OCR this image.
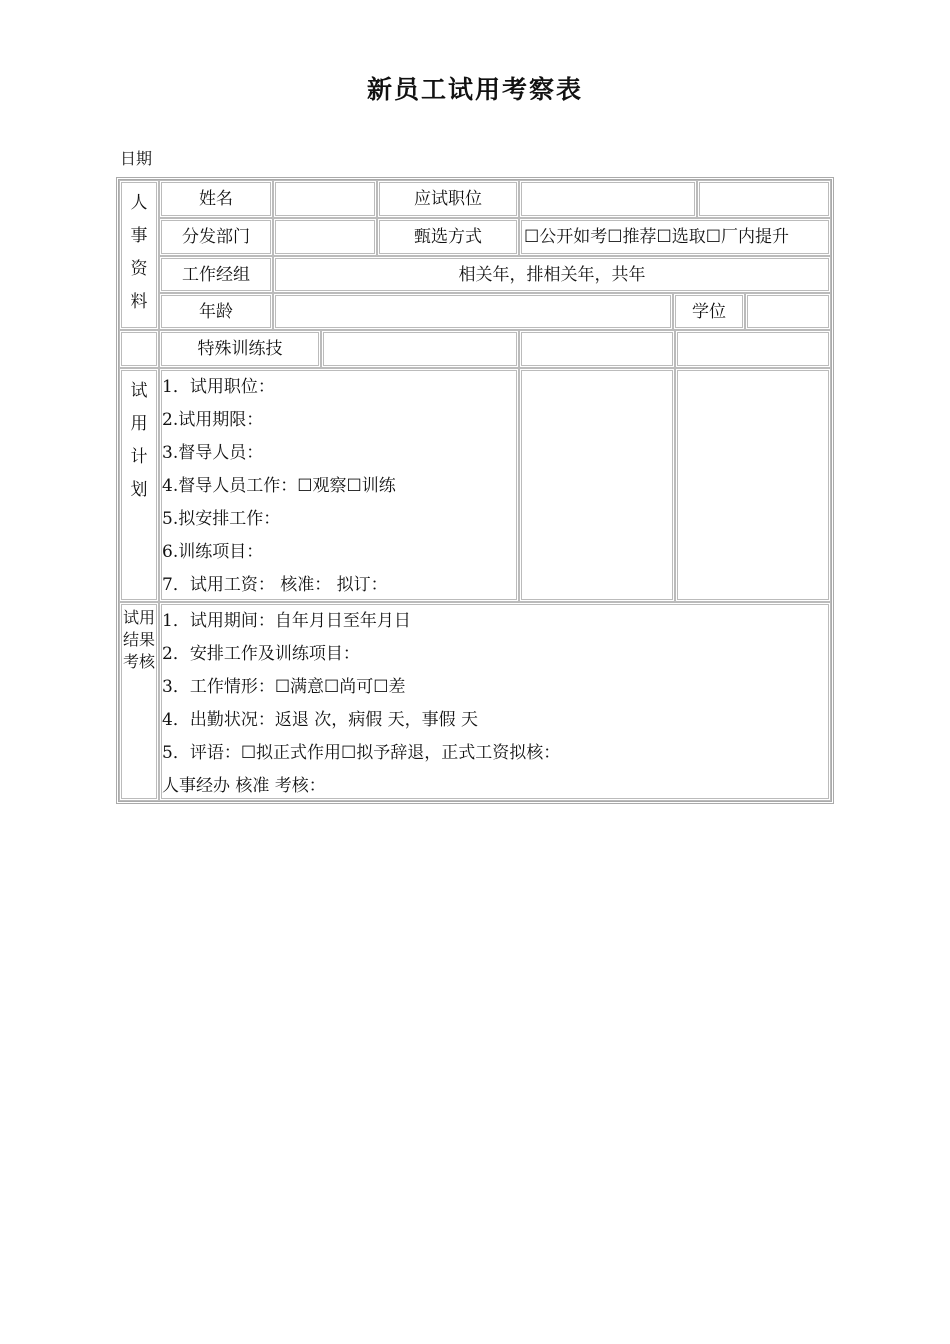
新员工试用考察表
日期
人
事
资
料
姓名	应试职位
分发部门	甄选方式	☐公开如考☐推荐☐选取☐厂内提升
工作经组	相关年，排相关年，共年
年龄	学位
特殊训练技
试
用
计
划
1．试用职位：
2.试用期限：
3.督导人员：
4.督导人员工作：☐观察☐训练
5.拟安排工作：
6.训练项目：
7．试用工资： 核准： 拟订：
试用
结果
考核
1．试用期间：自年月日至年月日
2．安排工作及训练项目：
3．工作情形：☐满意☐尚可☐差
4．出勤状况：返退 次，病假 天，事假 天
5．评语：☐拟正式作用☐拟予辞退，正式工资拟核：
人事经办 核准 考核：
